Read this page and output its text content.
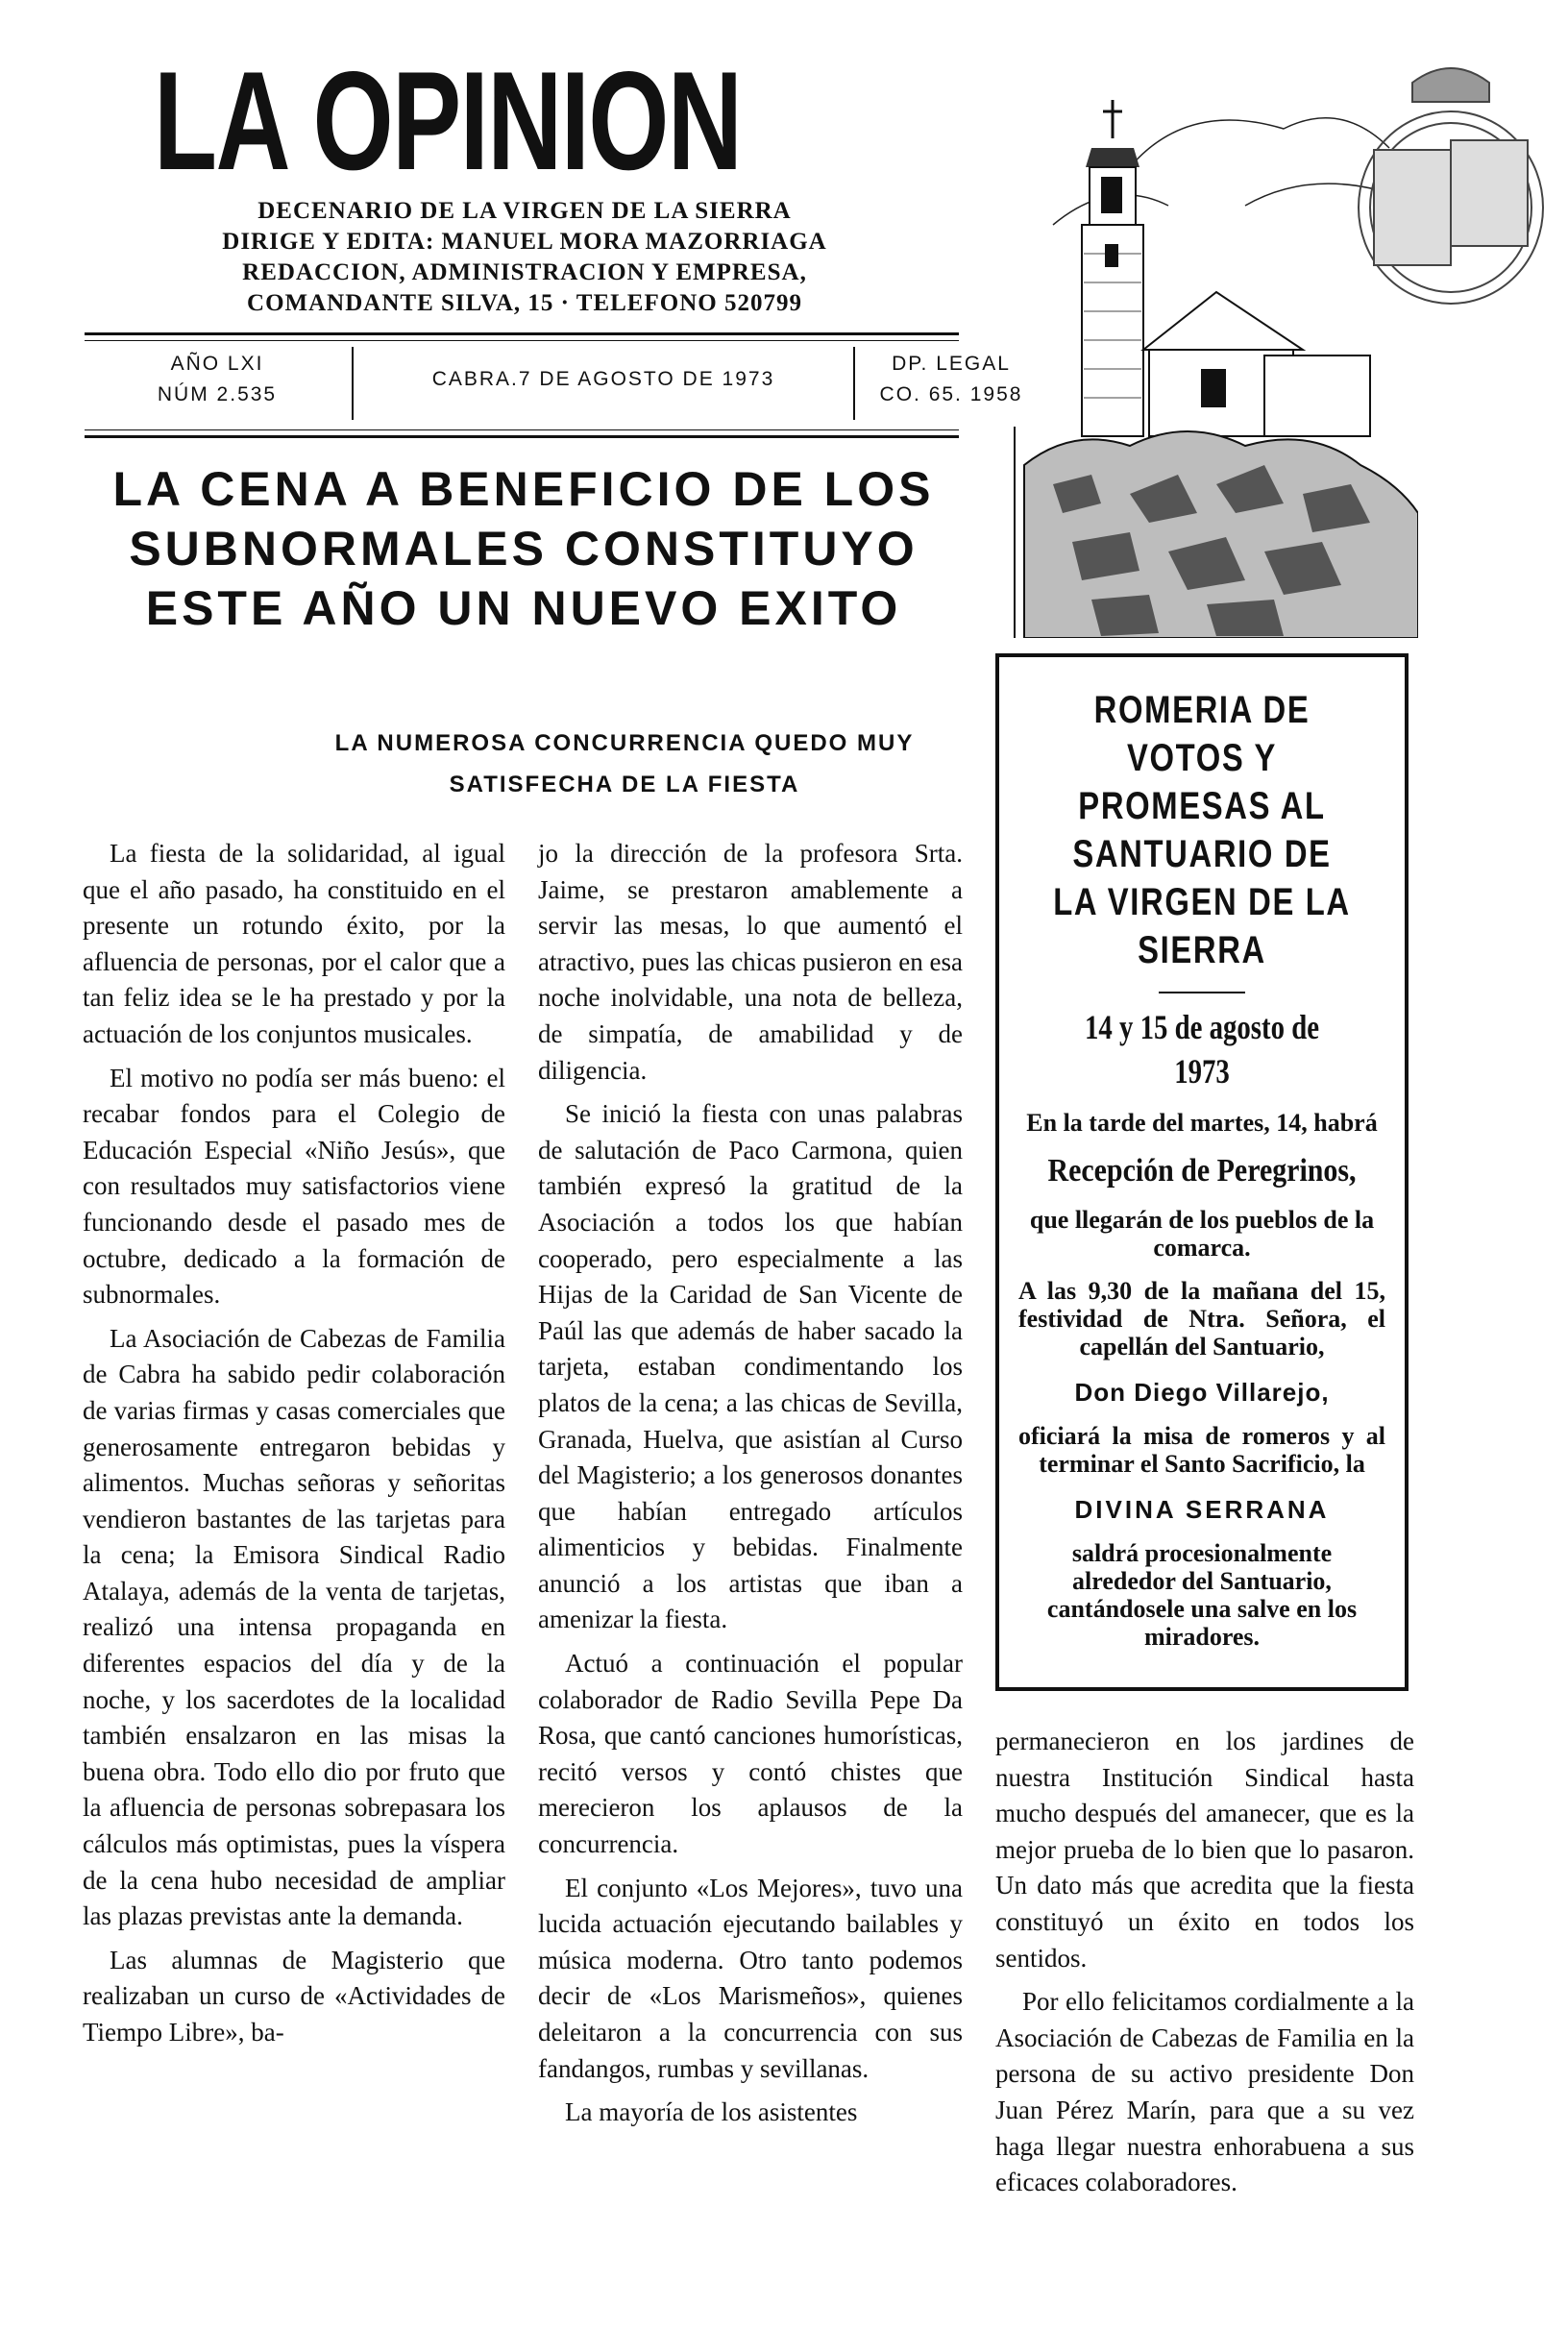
LA OPINION
DECENARIO DE LA VIRGEN DE LA SIERRA
DIRIGE Y EDITA: MANUEL MORA MAZORRIAGA
REDACCION, ADMINISTRACION Y EMPRESA,
COMANDANTE SILVA, 15 · TELEFONO 520799
AÑO LXI
NÚM 2.535
CABRA.7 DE AGOSTO DE 1973
DP. LEGAL
CO. 65. 1958
LA CENA A BENEFICIO DE LOS SUBNORMALES CONSTITUYO ESTE AÑO UN NUEVO EXITO
LA NUMEROSA CONCURRENCIA QUEDO MUY SATISFECHA DE LA FIESTA

La fiesta de la solidaridad, al igual que el año pasado, ha constituido en el presente un rotundo éxito, por la afluencia de personas, por el calor que a tan feliz idea se le ha prestado y por la actuación de los conjuntos musicales.

El motivo no podía ser más bueno: el recabar fondos para el Colegio de Educación Especial «Niño Jesús», que con resultados muy satisfactorios viene funcionando desde el pasado mes de octubre, dedicado a la formación de subnormales.

La Asociación de Cabezas de Familia de Cabra ha sabido pedir colaboración de varias firmas y casas comerciales que generosamente entregaron bebidas y alimentos. Muchas señoras y señoritas vendieron bastantes de las tarjetas para la cena; la Emisora Sindical Radio Atalaya, además de la venta de tarjetas, realizó una intensa propaganda en diferentes espacios del día y de la noche, y los sacerdotes de la localidad también ensalzaron en las misas la buena obra. Todo ello dio por fruto que la afluencia de personas sobrepasara los cálculos más optimistas, pues la víspera de la cena hubo necesidad de ampliar las plazas previstas ante la demanda.

Las alumnas de Magisterio que realizaban un curso de «Actividades de Tiempo Libre», ba-

jo la dirección de la profesora Srta. Jaime, se prestaron amablemente a servir las mesas, lo que aumentó el atractivo, pues las chicas pusieron en esa noche inolvidable, una nota de belleza, de simpatía, de amabilidad y de diligencia.

Se inició la fiesta con unas palabras de salutación de Paco Carmona, quien también expresó la gratitud de la Asociación a todos los que habían cooperado, pero especialmente a las Hijas de la Caridad de San Vicente de Paúl las que además de haber sacado la tarjeta, estaban condimentando los platos de la cena; a las chicas de Sevilla, Granada, Huelva, que asistían al Curso del Magisterio; a los generosos donantes que habían entregado artículos alimenticios y bebidas. Finalmente anunció a los artistas que iban a amenizar la fiesta.

Actuó a continuación el popular colaborador de Radio Sevilla Pepe Da Rosa, que cantó canciones humorísticas, recitó versos y contó chistes que merecieron los aplausos de la concurrencia.

El conjunto «Los Mejores», tuvo una lucida actuación ejecutando bailables y música moderna. Otro tanto podemos decir de «Los Marismeños», quienes deleitaron a la concurrencia con sus fandangos, rumbas y sevillanas.

La mayoría de los asistentes

ROMERIA DE VOTOS Y PROMESAS AL SANTUARIO DE LA VIRGEN DE LA SIERRA
14 y 15 de agosto de 1973
En la tarde del martes, 14, habrá
Recepción de Peregrinos,
que llegarán de los pueblos de la comarca.
A las 9,30 de la mañana del 15, festividad de Ntra. Señora, el capellán del Santuario,
Don Diego Villarejo,
oficiará la misa de romeros y al terminar el Santo Sacrificio, la
DIVINA SERRANA
saldrá procesionalmente alrededor del Santuario, cantándosele una salve en los miradores.

permanecieron en los jardines de nuestra Institución Sindical hasta mucho después del amanecer, que es la mejor prueba de lo bien que lo pasaron. Un dato más que acredita que la fiesta constituyó un éxito en todos los sentidos.

Por ello felicitamos cordialmente a la Asociación de Cabezas de Familia en la persona de su activo presidente Don Juan Pérez Marín, para que a su vez haga llegar nuestra enhorabuena a sus eficaces colaboradores.
